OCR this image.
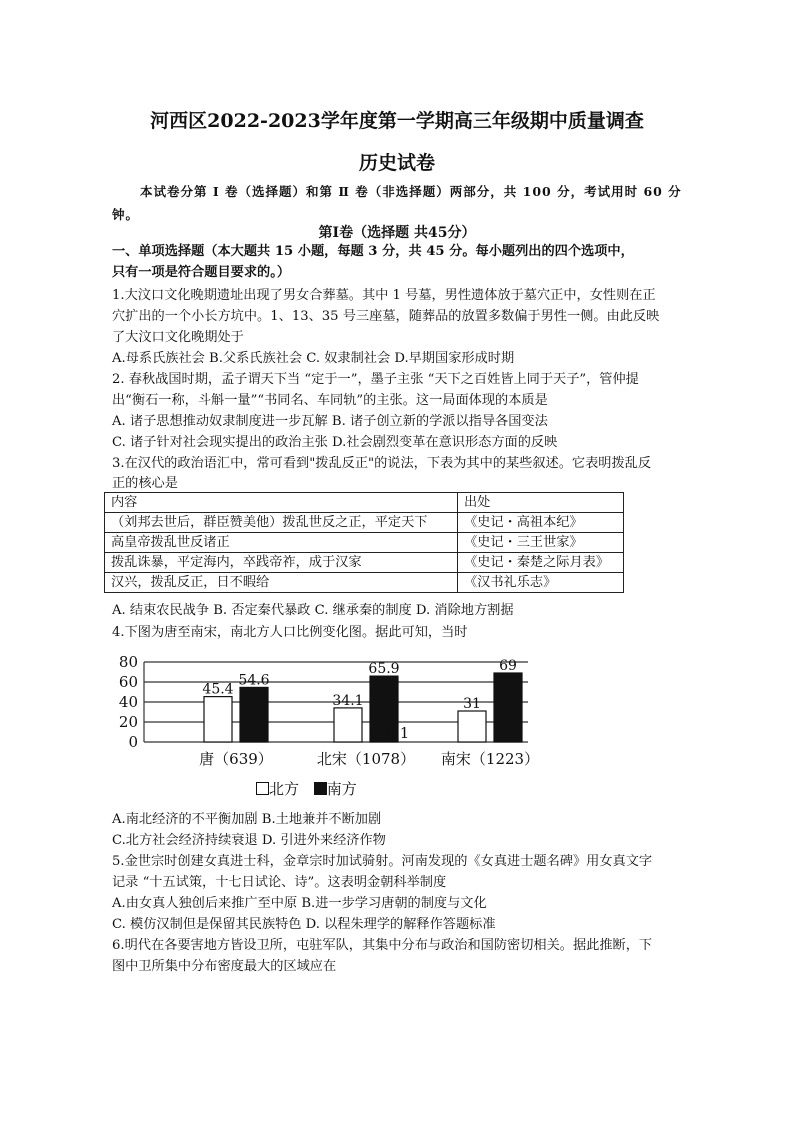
河西区2022-2023学年度第一学期高三年级期中质量调查
历史试卷
本试卷分第 Ⅰ 卷（选择题）和第 Ⅱ 卷（非选择题）两部分，共 100 分，考试用时 60 分钟。
第Ⅰ卷（选择题 共45分）
一、单项选择题（本大题共 15 小题，每题 3 分，共 45 分。每小题列出的四个选项中，
只有一项是符合题目要求的。）
1.大汶口文化晚期遗址出现了男女合葬墓。其中 1 号墓，男性遗体放于墓穴正中，女性则在正
穴扩出的一个小长方坑中。1、13、35 号三座墓，随葬品的放置多数偏于男性一侧。由此反映
了大汶口文化晚期处于
A.母系氏族社会 B.父系氏族社会 C. 奴隶制社会 D.早期国家形成时期
2. 春秋战国时期，孟子谓天下当 “定于一”，墨子主张 “天下之百姓皆上同于天子”，管仲提
出“衡石一称，斗斛一量”“书同名、车同轨”的主张。这一局面体现的本质是
A. 诸子思想推动奴隶制度进一步瓦解 B. 诸子创立新的学派以指导各国变法
C. 诸子针对社会现实提出的政治主张 D.社会剧烈变革在意识形态方面的反映
3.在汉代的政治语汇中，常可看到"拨乱反正"的说法，下表为其中的某些叙述。它表明拨乱反
正的核心是
内容	出处
（刘邦去世后，群臣赞美他）拨乱世反之正，平定天下	《史记・高祖本纪》
高皇帝拨乱世反诸正	《史记・三王世家》
拨乱诛暴，平定海内，卒践帝祚，成于汉家	《史记・秦楚之际月表》
汉兴，拨乱反正，日不暇给	《汉书礼乐志》
A. 结束农民战争 B. 否定秦代暴政 C. 继承秦的制度 D. 消除地方割据
4.下图为唐至南宋，南北方人口比例变化图。据此可知，当时
80
60
40
20
0
45.4
54.6
唐（639）
34.1
65.9
北宋（1078）
31
69
南宋（1223）
图 1
北方 南方
A.南北经济的不平衡加剧 B.土地兼并不断加剧
C.北方社会经济持续衰退 D. 引进外来经济作物
5.金世宗时创建女真进士科，金章宗时加试骑射。河南发现的《女真进士题名碑》用女真文字
记录 “十五试策，十七日试论、诗”。这表明金朝科举制度
A.由女真人独创后来推广至中原 B.进一步学习唐朝的制度与文化
C. 模仿汉制但是保留其民族特色 D. 以程朱理学的解释作答题标准
6.明代在各要害地方皆设卫所，屯驻军队，其集中分布与政治和国防密切相关。据此推断，下
图中卫所集中分布密度最大的区域应在
